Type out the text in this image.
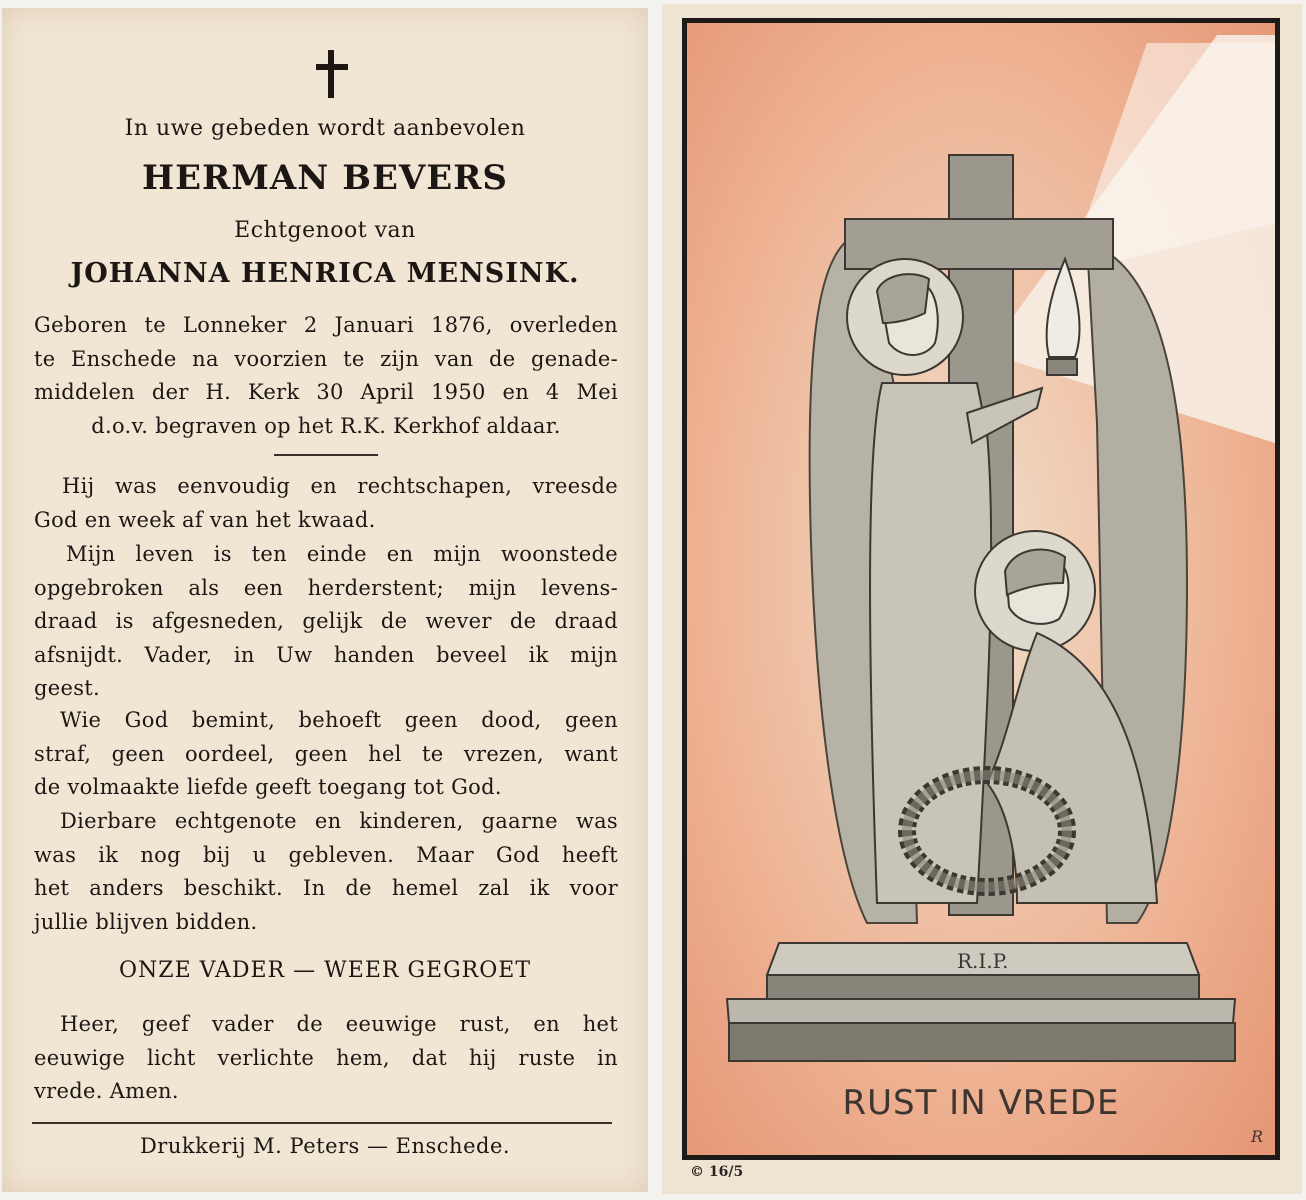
In uwe gebeden wordt aanbevolen
HERMAN BEVERS
Echtgenoot van
JOHANNA HENRICA MENSINK.
Geboren te Lonneker 2 Januari 1876, overleden
te Enschede na voorzien te zijn van de genade-
middelen der H. Kerk 30 April 1950 en 4 Mei
d.o.v. begraven op het R.K. Kerkhof aldaar.
Hij was eenvoudig en rechtschapen, vreesde
God en week af van het kwaad.
Mijn leven is ten einde en mijn woonstede
opgebroken als een herderstent; mijn levens-
draad is afgesneden, gelijk de wever de draad
afsnijdt. Vader, in Uw handen beveel ik mijn
geest.
Wie God bemint, behoeft geen dood, geen
straf, geen oordeel, geen hel te vrezen, want
de volmaakte liefde geeft toegang tot God.
Dierbare echtgenote en kinderen, gaarne was
was ik nog bij u gebleven. Maar God heeft
het anders beschikt. In de hemel zal ik voor
jullie blijven bidden.
ONZE VADER — WEER GEGROET
Heer, geef vader de eeuwige rust, en het
eeuwige licht verlichte hem, dat hij ruste in
vrede. Amen.
Drukkerij M. Peters — Enschede.
R.I.P.
RUST IN VREDE
R
© 16/5
